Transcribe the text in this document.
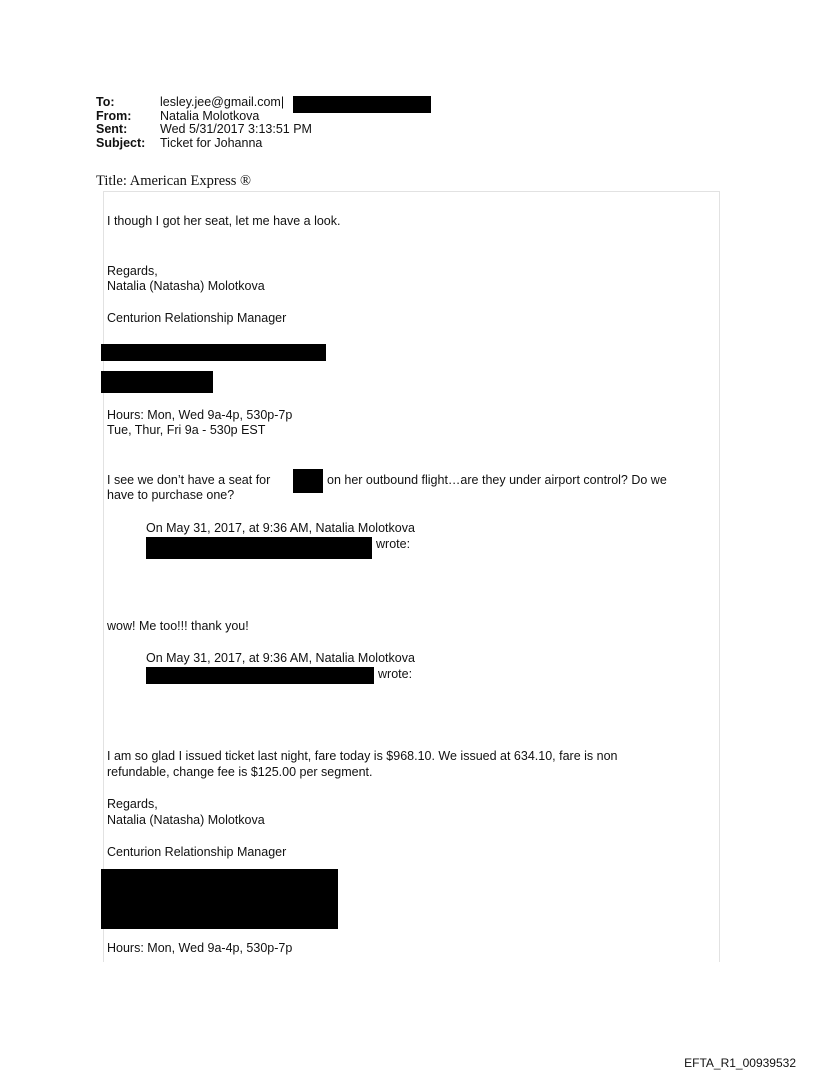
To:	lesley.jee@gmail.com|
From:	Natalia Molotkova
Sent:	Wed 5/31/2017 3:13:51 PM
Subject:	Ticket for Johanna
Title: American Express ®
I though I got her seat, let me have a look.
Regards,
Natalia (Natasha) Molotkova
Centurion Relationship Manager
Hours: Mon, Wed 9a-4p, 530p-7p
Tue, Thur, Fri 9a - 530p EST
I see we don’t have a seat for	on her outbound flight…are they under airport control? Do we
have to purchase one?
On May 31, 2017, at 9:36 AM, Natalia Molotkova
wrote:
wow! Me too!!! thank you!
On May 31, 2017, at 9:36 AM, Natalia Molotkova
wrote:
I am so glad I issued ticket last night, fare today is $968.10. We issued at 634.10, fare is non
refundable, change fee is $125.00 per segment.
Regards,
Natalia (Natasha) Molotkova
Centurion Relationship Manager
Hours: Mon, Wed 9a-4p, 530p-7p
EFTA_R1_00939532
